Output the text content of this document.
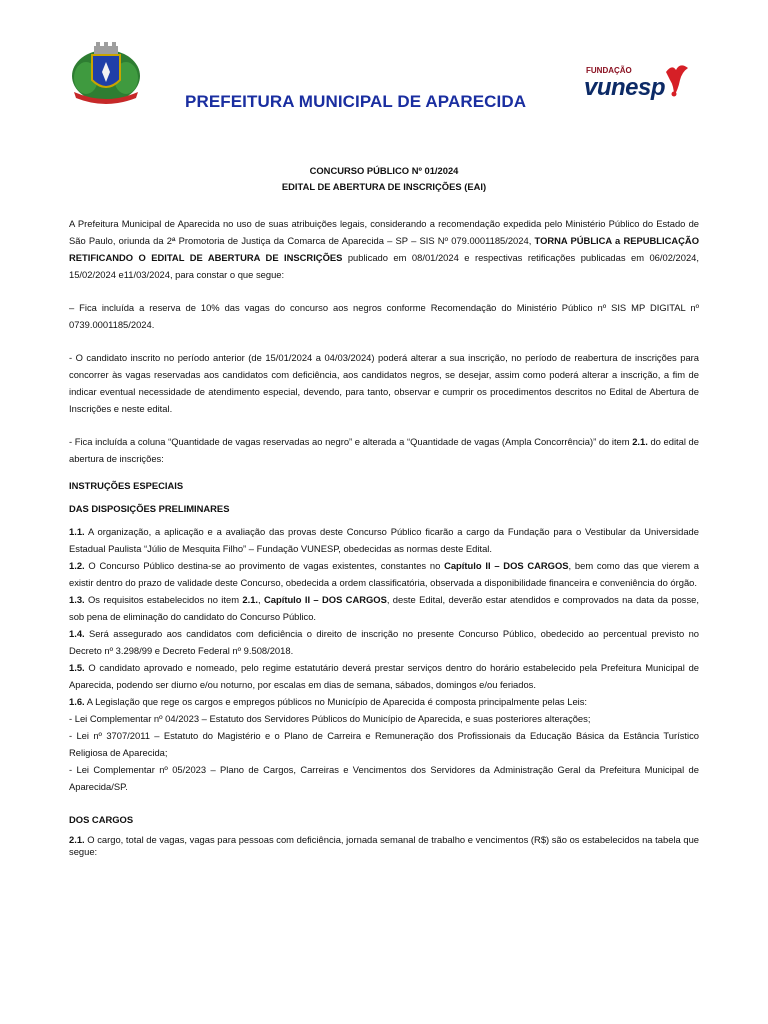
PREFEITURA MUNICIPAL DE APARECIDA
FUNDAÇÃO
vunesp
CONCURSO PÚBLICO Nº 01/2024
EDITAL DE ABERTURA DE INSCRIÇÕES (EAI)

A Prefeitura Municipal de Aparecida no uso de suas atribuições legais, considerando a recomendação expedida pelo Ministério Público do Estado de São Paulo, oriunda da 2ª Promotoria de Justiça da Comarca de Aparecida – SP – SIS Nº 079.0001185/2024, TORNA PÚBLICA a REPUBLICAÇÃO RETIFICANDO O EDITAL DE ABERTURA DE INSCRIÇÕES publicado em 08/01/2024 e respectivas retificações publicadas em 06/02/2024, 15/02/2024 e11/03/2024, para constar o que segue:

– Fica incluída a reserva de 10% das vagas do concurso aos negros conforme Recomendação do Ministério Público nº SIS MP DIGITAL nº 0739.0001185/2024.

- O candidato inscrito no período anterior (de 15/01/2024 a 04/03/2024) poderá alterar a sua inscrição, no período de reabertura de inscrições para concorrer às vagas reservadas aos candidatos com deficiência, aos candidatos negros, se desejar, assim como poderá alterar a inscrição, a fim de indicar eventual necessidade de atendimento especial, devendo, para tanto, observar e cumprir os procedimentos descritos no Edital de Abertura de Inscrições e neste edital.

- Fica incluída a coluna “Quantidade de vagas reservadas ao negro” e alterada a “Quantidade de vagas (Ampla Concorrência)” do item 2.1. do edital de abertura de inscrições:

INSTRUÇÕES ESPECIAIS
DAS DISPOSIÇÕES PRELIMINARES

1.1. A organização, a aplicação e a avaliação das provas deste Concurso Público ficarão a cargo da Fundação para o Vestibular da Universidade Estadual Paulista “Júlio de Mesquita Filho” – Fundação VUNESP, obedecidas as normas deste Edital.

1.2. O Concurso Público destina-se ao provimento de vagas existentes, constantes no Capítulo II – DOS CARGOS, bem como das que vierem a existir dentro do prazo de validade deste Concurso, obedecida a ordem classificatória, observada a disponibilidade financeira e conveniência do órgão.

1.3. Os requisitos estabelecidos no item 2.1., Capítulo II – DOS CARGOS, deste Edital, deverão estar atendidos e comprovados na data da posse, sob pena de eliminação do candidato do Concurso Público.

1.4. Será assegurado aos candidatos com deficiência o direito de inscrição no presente Concurso Público, obedecido ao percentual previsto no Decreto nº 3.298/99 e Decreto Federal nº 9.508/2018.

1.5. O candidato aprovado e nomeado, pelo regime estatutário deverá prestar serviços dentro do horário estabelecido pela Prefeitura Municipal de Aparecida, podendo ser diurno e/ou noturno, por escalas em dias de semana, sábados, domingos e/ou feriados.

1.6. A Legislação que rege os cargos e empregos públicos no Município de Aparecida é composta principalmente pelas Leis:

- Lei Complementar nº 04/2023 – Estatuto dos Servidores Públicos do Município de Aparecida, e suas posteriores alterações;

- Lei nº 3707/2011 – Estatuto do Magistério e o Plano de Carreira e Remuneração dos Profissionais da Educação Básica da Estância Turístico Religiosa de Aparecida;

- Lei Complementar nº 05/2023 – Plano de Cargos, Carreiras e Vencimentos dos Servidores da Administração Geral da Prefeitura Municipal de Aparecida/SP.

DOS CARGOS

2.1. O cargo, total de vagas, vagas para pessoas com deficiência, jornada semanal de trabalho e vencimentos (R$) são os estabelecidos na tabela que segue:
